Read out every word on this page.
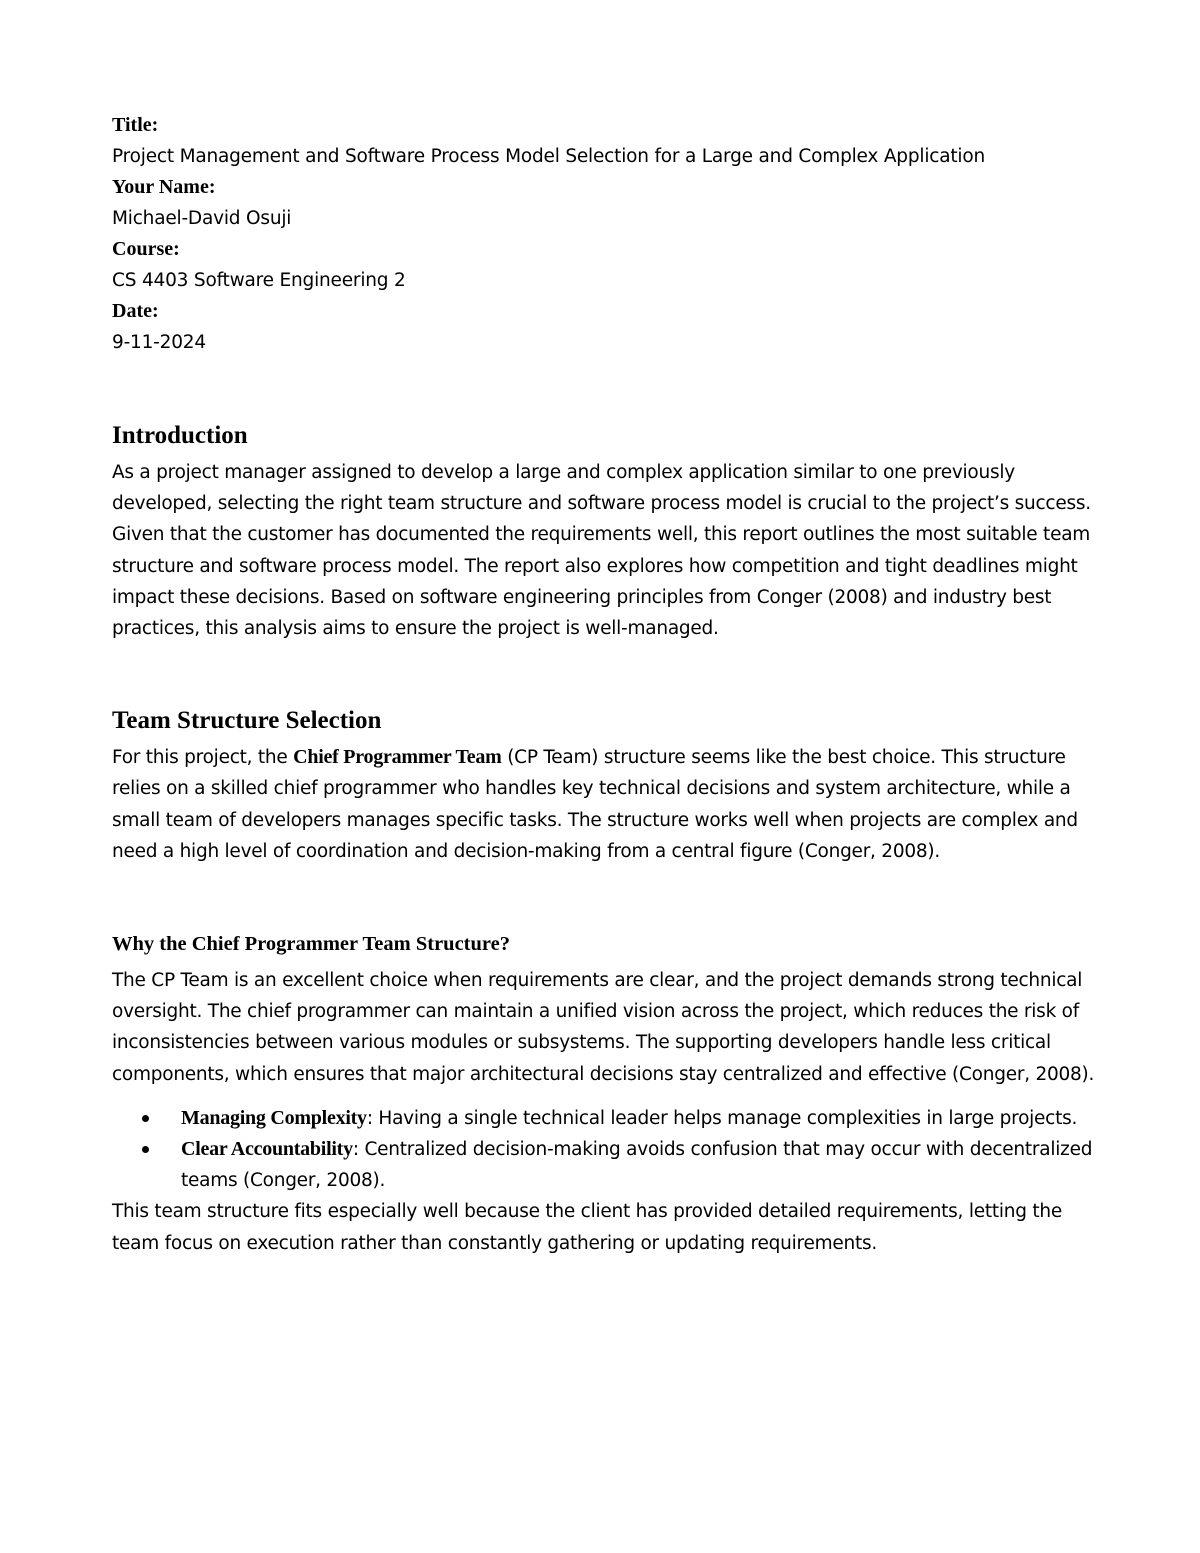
Title:

Project Management and Software Process Model Selection for a Large and Complex Application

Your Name:

Michael-David Osuji

Course:

CS 4403 Software Engineering 2

Date:

9-11-2024

Introduction

As a project manager assigned to develop a large and complex application similar to one previously developed, selecting the right team structure and software process model is crucial to the project’s success. Given that the customer has documented the requirements well, this report outlines the most suitable team structure and software process model. The report also explores how competition and tight deadlines might impact these decisions. Based on software engineering principles from Conger (2008) and industry best practices, this analysis aims to ensure the project is well-managed.

Team Structure Selection

For this project, the Chief Programmer Team (CP Team) structure seems like the best choice. This structure relies on a skilled chief programmer who handles key technical decisions and system architecture, while a small team of developers manages specific tasks. The structure works well when projects are complex and need a high level of coordination and decision-making from a central figure (Conger, 2008).

Why the Chief Programmer Team Structure?

The CP Team is an excellent choice when requirements are clear, and the project demands strong technical oversight. The chief programmer can maintain a unified vision across the project, which reduces the risk of inconsistencies between various modules or subsystems. The supporting developers handle less critical components, which ensures that major architectural decisions stay centralized and effective (Conger, 2008).

Managing Complexity: Having a single technical leader helps manage complexities in large projects.
Clear Accountability: Centralized decision-making avoids confusion that may occur with decentralized teams (Conger, 2008).

This team structure fits especially well because the client has provided detailed requirements, letting the team focus on execution rather than constantly gathering or updating requirements.
